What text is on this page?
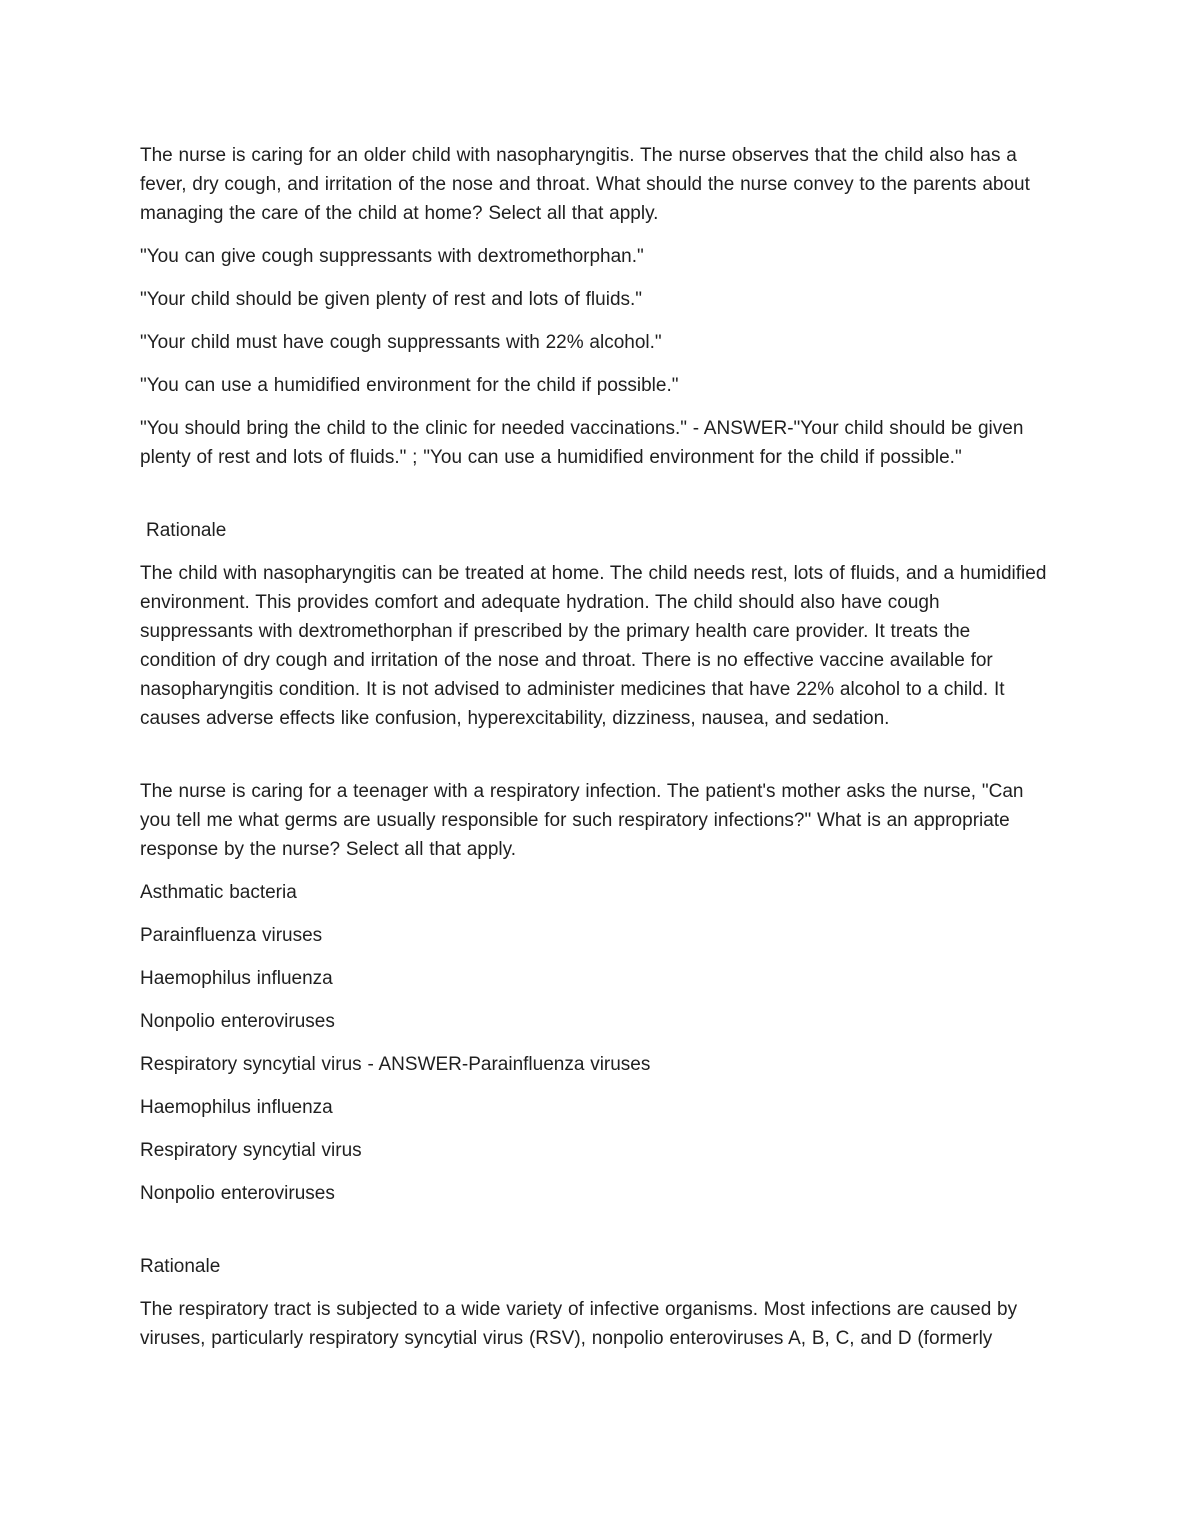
The nurse is caring for an older child with nasopharyngitis. The nurse observes that the child also has a fever, dry cough, and irritation of the nose and throat. What should the nurse convey to the parents about managing the care of the child at home? Select all that apply.

"You can give cough suppressants with dextromethorphan."

"Your child should be given plenty of rest and lots of fluids."

"Your child must have cough suppressants with 22% alcohol."

"You can use a humidified environment for the child if possible."

"You should bring the child to the clinic for needed vaccinations." - ANSWER-"Your child should be given plenty of rest and lots of fluids." ; "You can use a humidified environment for the child if possible."

Rationale

The child with nasopharyngitis can be treated at home. The child needs rest, lots of fluids, and a humidified environment. This provides comfort and adequate hydration. The child should also have cough suppressants with dextromethorphan if prescribed by the primary health care provider. It treats the condition of dry cough and irritation of the nose and throat. There is no effective vaccine available for nasopharyngitis condition. It is not advised to administer medicines that have 22% alcohol to a child. It causes adverse effects like confusion, hyperexcitability, dizziness, nausea, and sedation.

The nurse is caring for a teenager with a respiratory infection. The patient's mother asks the nurse, "Can you tell me what germs are usually responsible for such respiratory infections?" What is an appropriate response by the nurse? Select all that apply.

Asthmatic bacteria

Parainfluenza viruses

Haemophilus influenza

Nonpolio enteroviruses

Respiratory syncytial virus - ANSWER-Parainfluenza viruses

Haemophilus influenza

Respiratory syncytial virus

Nonpolio enteroviruses

Rationale

The respiratory tract is subjected to a wide variety of infective organisms. Most infections are caused by viruses, particularly respiratory syncytial virus (RSV), nonpolio enteroviruses A, B, C, and D (formerly
